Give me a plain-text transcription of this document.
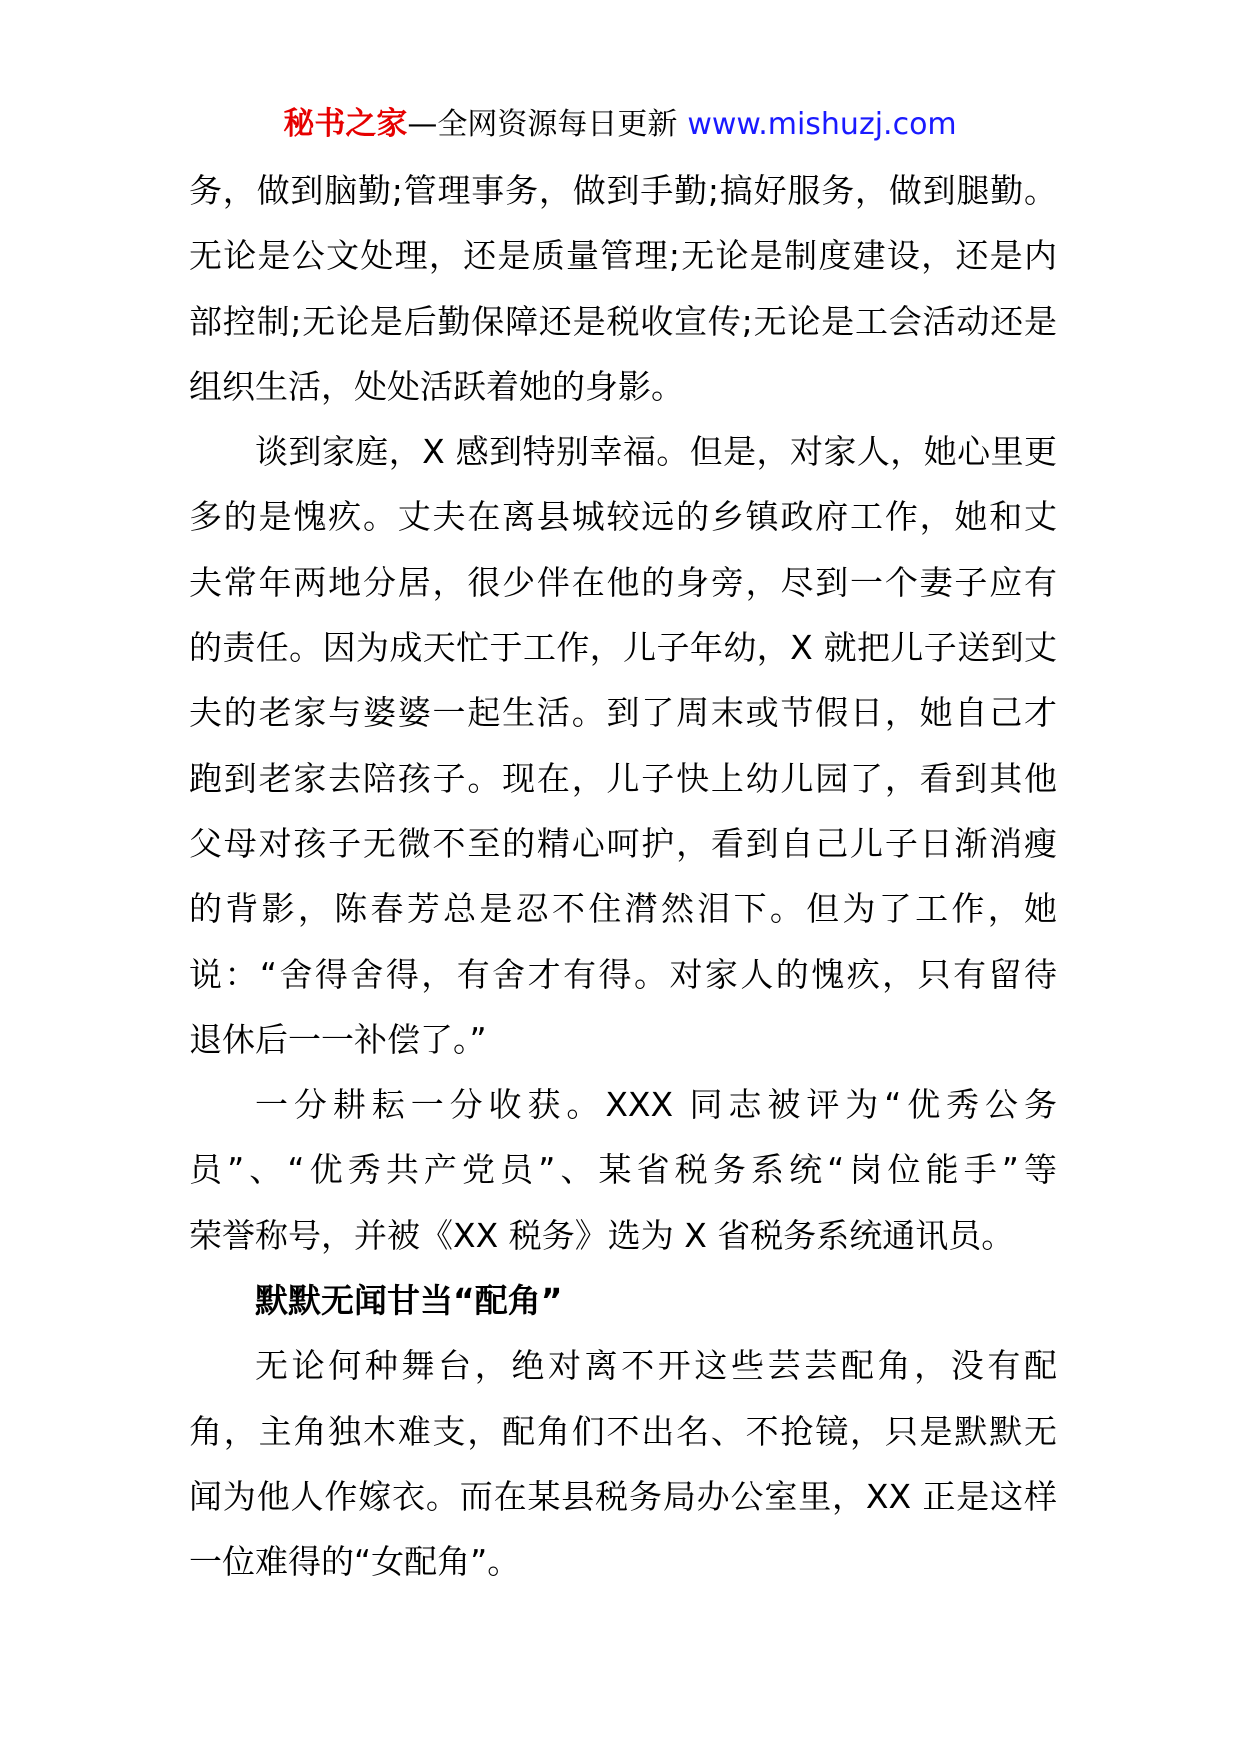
秘书之家—全网资源每日更新 www.mishuzj.com
务，做到脑勤;管理事务，做到手勤;搞好服务，做到腿勤。
无论是公文处理，还是质量管理;无论是制度建设，还是内
部控制;无论是后勤保障还是税收宣传;无论是工会活动还是
组织生活，处处活跃着她的身影。
谈到家庭，X 感到特别幸福。但是，对家人，她心里更
多的是愧疚。丈夫在离县城较远的乡镇政府工作，她和丈
夫常年两地分居，很少伴在他的身旁，尽到一个妻子应有
的责任。因为成天忙于工作，儿子年幼，X 就把儿子送到丈
夫的老家与婆婆一起生活。到了周末或节假日，她自己才
跑到老家去陪孩子。现在，儿子快上幼儿园了，看到其他
父母对孩子无微不至的精心呵护，看到自己儿子日渐消瘦
的背影，陈春芳总是忍不住潸然泪下。但为了工作，她
说：“舍得舍得，有舍才有得。对家人的愧疚，只有留待
退休后一一补偿了。”
一分耕耘一分收获。XXX 同志被评为“优秀公务
员”、“优秀共产党员”、某省税务系统“岗位能手”等
荣誉称号，并被《XX 税务》选为 X 省税务系统通讯员。
默默无闻甘当“配角”
无论何种舞台，绝对离不开这些芸芸配角，没有配
角，主角独木难支，配角们不出名、不抢镜，只是默默无
闻为他人作嫁衣。而在某县税务局办公室里，XX 正是这样
一位难得的“女配角”。
